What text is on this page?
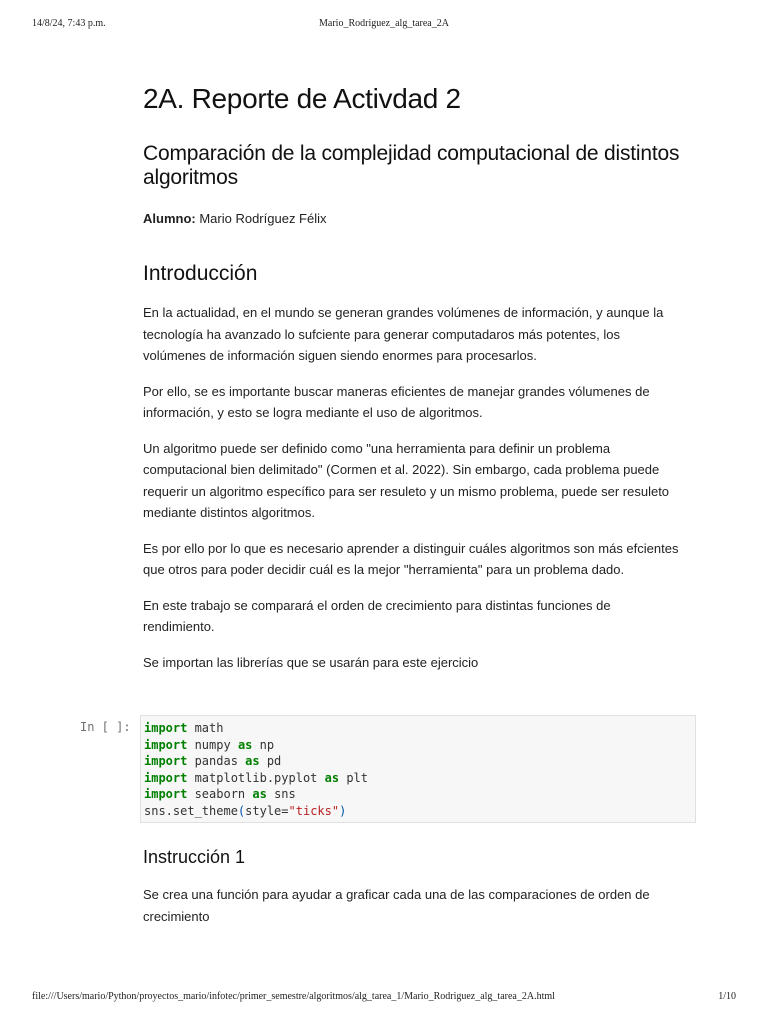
14/8/24, 7:43 p.m.	Mario_Rodriguez_alg_tarea_2A
2A. Reporte de Activdad 2
Comparación de la complejidad computacional de distintos algoritmos
Alumno: Mario Rodríguez Félix
Introducción

En la actualidad, en el mundo se generan grandes volúmenes de información, y aunque la tecnología ha avanzado lo sufciente para generar computadaros más potentes, los volúmenes de información siguen siendo enormes para procesarlos.

Por ello, se es importante buscar maneras eficientes de manejar grandes vólumenes de información, y esto se logra mediante el uso de algoritmos.

Un algoritmo puede ser definido como "una herramienta para definir un problema computacional bien delimitado" (Cormen et al. 2022). Sin embargo, cada problema puede requerir un algoritmo específico para ser resuleto y un mismo problema, puede ser resuleto mediante distintos algoritmos.

Es por ello por lo que es necesario aprender a distinguir cuáles algoritmos son más efcientes que otros para poder decidir cuál es la mejor "herramienta" para un problema dado.

En este trabajo se comparará el orden de crecimiento para distintas funciones de rendimiento.

Se importan las librerías que se usarán para este ejercicio

In [ ]: import math
import numpy as np
import pandas as pd
import matplotlib.pyplot as plt
import seaborn as sns
sns.set_theme(style="ticks")
Instrucción 1

Se crea una función para ayudar a graficar cada una de las comparaciones de orden de crecimiento

file:///Users/mario/Python/proyectos_mario/infotec/primer_semestre/algoritmos/alg_tarea_1/Mario_Rodriguez_alg_tarea_2A.html	1/10
